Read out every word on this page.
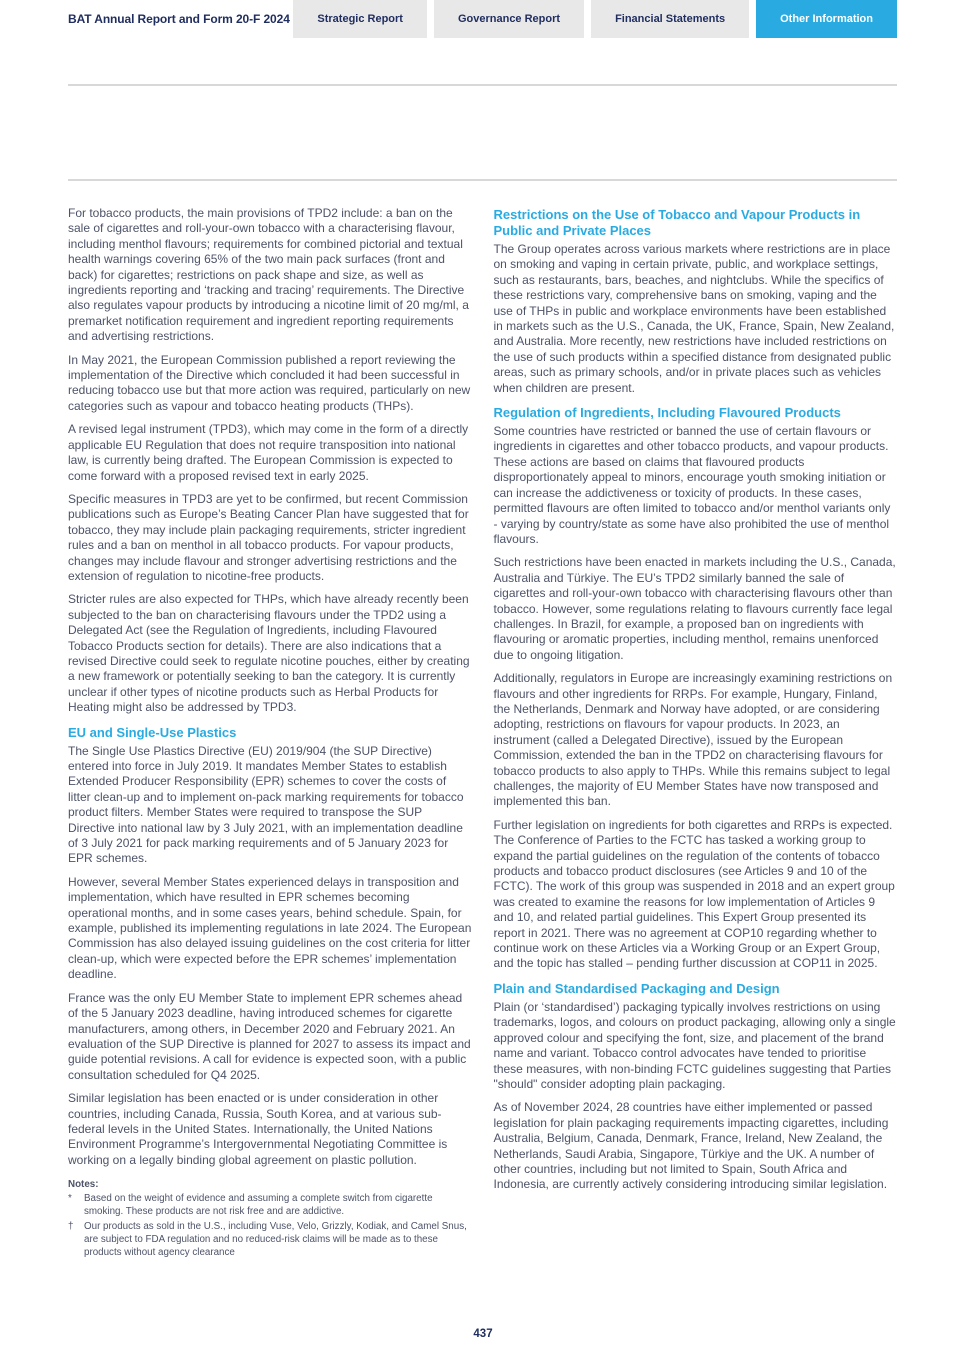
BAT Annual Report and Form 20-F 2024	Strategic Report	Governance Report	Financial Statements	Other Information

For tobacco products, the main provisions of TPD2 include: a ban on the sale of cigarettes and roll-your-own tobacco with a characterising flavour, including menthol flavours; requirements for combined pictorial and textual health warnings covering 65% of the two main pack surfaces (front and back) for cigarettes; restrictions on pack shape and size, as well as ingredients reporting and ‘tracking and tracing’ requirements. The Directive also regulates vapour products by introducing a nicotine limit of 20 mg/ml, a premarket notification requirement and ingredient reporting requirements and advertising restrictions.

In May 2021, the European Commission published a report reviewing the implementation of the Directive which concluded it had been successful in reducing tobacco use but that more action was required, particularly on new categories such as vapour and tobacco heating products (THPs).

A revised legal instrument (TPD3), which may come in the form of a directly applicable EU Regulation that does not require transposition into national law, is currently being drafted. The European Commission is expected to come forward with a proposed revised text in early 2025.

Specific measures in TPD3 are yet to be confirmed, but recent Commission publications such as Europe’s Beating Cancer Plan have suggested that for tobacco, they may include plain packaging requirements, stricter ingredient rules and a ban on menthol in all tobacco products. For vapour products, changes may include flavour and stronger advertising restrictions and the extension of regulation to nicotine-free products.

Stricter rules are also expected for THPs, which have already recently been subjected to the ban on characterising flavours under the TPD2 using a Delegated Act (see the Regulation of Ingredients, including Flavoured Tobacco Products section for details). There are also indications that a revised Directive could seek to regulate nicotine pouches, either by creating a new framework or potentially seeking to ban the category. It is currently unclear if other types of nicotine products such as Herbal Products for Heating might also be addressed by TPD3.

EU and Single-Use Plastics

The Single Use Plastics Directive (EU) 2019/904 (the SUP Directive) entered into force in July 2019. It mandates Member States to establish Extended Producer Responsibility (EPR) schemes to cover the costs of litter clean-up and to implement on-pack marking requirements for tobacco product filters. Member States were required to transpose the SUP Directive into national law by 3 July 2021, with an implementation deadline of 3 July 2021 for pack marking requirements and of 5 January 2023 for EPR schemes.

However, several Member States experienced delays in transposition and implementation, which have resulted in EPR schemes becoming operational months, and in some cases years, behind schedule. Spain, for example, published its implementing regulations in late 2024. The European Commission has also delayed issuing guidelines on the cost criteria for litter clean-up, which were expected before the EPR schemes’ implementation deadline.

France was the only EU Member State to implement EPR schemes ahead of the 5 January 2023 deadline, having introduced schemes for cigarette manufacturers, among others, in December 2020 and February 2021. An evaluation of the SUP Directive is planned for 2027 to assess its impact and guide potential revisions. A call for evidence is expected soon, with a public consultation scheduled for Q4 2025.

Similar legislation has been enacted or is under consideration in other countries, including Canada, Russia, South Korea, and at various sub-federal levels in the United States. Internationally, the United Nations Environment Programme’s Intergovernmental Negotiating Committee is working on a legally binding global agreement on plastic pollution.

Notes:
*	Based on the weight of evidence and assuming a complete switch from cigarette smoking. These products are not risk free and are addictive.
†	Our products as sold in the U.S., including Vuse, Velo, Grizzly, Kodiak, and Camel Snus, are subject to FDA regulation and no reduced-risk claims will be made as to these products without agency clearance
Restrictions on the Use of Tobacco and Vapour Products in Public and Private Places

The Group operates across various markets where restrictions are in place on smoking and vaping in certain private, public, and workplace settings, such as restaurants, bars, beaches, and nightclubs. While the specifics of these restrictions vary, comprehensive bans on smoking, vaping and the use of THPs in public and workplace environments have been established in markets such as the U.S., Canada, the UK, France, Spain, New Zealand, and Australia. More recently, new restrictions have included restrictions on the use of such products within a specified distance from designated public areas, such as primary schools, and/or in private places such as vehicles when children are present.

Regulation of Ingredients, Including Flavoured Products

Some countries have restricted or banned the use of certain flavours or ingredients in cigarettes and other tobacco products, and vapour products. These actions are based on claims that flavoured products disproportionately appeal to minors, encourage youth smoking initiation or can increase the addictiveness or toxicity of products. In these cases, permitted flavours are often limited to tobacco and/or menthol variants only - varying by country/state as some have also prohibited the use of menthol flavours.

Such restrictions have been enacted in markets including the U.S., Canada, Australia and Türkiye. The EU’s TPD2 similarly banned the sale of cigarettes and roll-your-own tobacco with characterising flavours other than tobacco. However, some regulations relating to flavours currently face legal challenges. In Brazil, for example, a proposed ban on ingredients with flavouring or aromatic properties, including menthol, remains unenforced due to ongoing litigation.

Additionally, regulators in Europe are increasingly examining restrictions on flavours and other ingredients for RRPs. For example, Hungary, Finland, the Netherlands, Denmark and Norway have adopted, or are considering adopting, restrictions on flavours for vapour products. In 2023, an instrument (called a Delegated Directive), issued by the European Commission, extended the ban in the TPD2 on characterising flavours for tobacco products to also apply to THPs. While this remains subject to legal challenges, the majority of EU Member States have now transposed and implemented this ban.

Further legislation on ingredients for both cigarettes and RRPs is expected. The Conference of Parties to the FCTC has tasked a working group to expand the partial guidelines on the regulation of the contents of tobacco products and tobacco product disclosures (see Articles 9 and 10 of the FCTC). The work of this group was suspended in 2018 and an expert group was created to examine the reasons for low implementation of Articles 9 and 10, and related partial guidelines. This Expert Group presented its report in 2021. There was no agreement at COP10 regarding whether to continue work on these Articles via a Working Group or an Expert Group, and the topic has stalled – pending further discussion at COP11 in 2025.

Plain and Standardised Packaging and Design

Plain (or ‘standardised’) packaging typically involves restrictions on using trademarks, logos, and colours on product packaging, allowing only a single approved colour and specifying the font, size, and placement of the brand name and variant. Tobacco control advocates have tended to prioritise these measures, with non-binding FCTC guidelines suggesting that Parties "should" consider adopting plain packaging.

As of November 2024, 28 countries have either implemented or passed legislation for plain packaging requirements impacting cigarettes, including Australia, Belgium, Canada, Denmark, France, Ireland, New Zealand, the Netherlands, Saudi Arabia, Singapore, Türkiye and the UK. A number of other countries, including but not limited to Spain, South Africa and Indonesia, are currently actively considering introducing similar legislation.

437
